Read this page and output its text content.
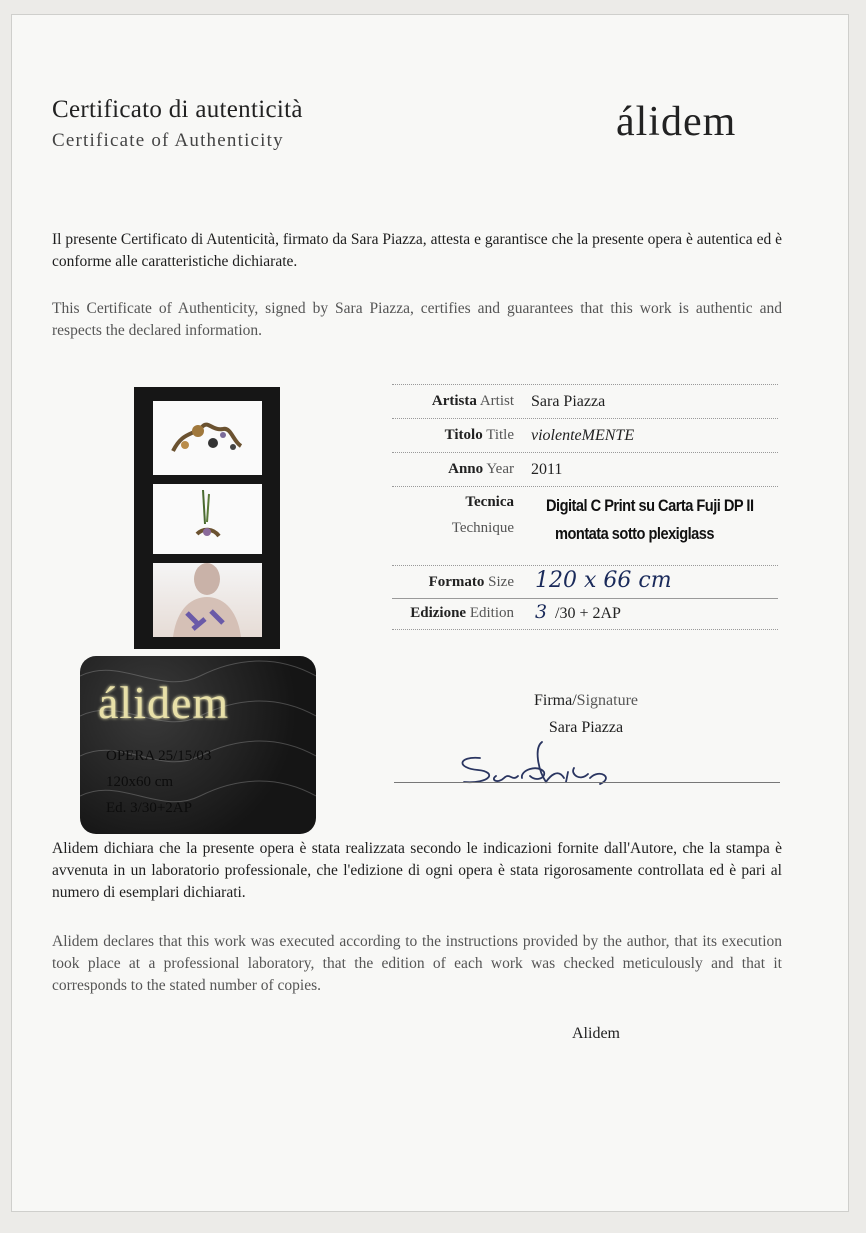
Certificato di autenticità
Certificate of Authenticity	álidem
Il presente Certificato di Autenticità, firmato da Sara Piazza, attesta e garantisce che la presente opera è autentica ed è conforme alle caratteristiche dichiarate.
This Certificate of Authenticity, signed by Sara Piazza, certifies and guarantees that this work is authentic and respects the declared information.
álidem
OPERA 25/15/03
120x60 cm
Ed. 3/30+2AP
Artista Artist Sara Piazza
Titolo Title violenteMENTE
Anno Year 2011
Tecnica
Technique
Digital C Print su Carta Fuji DP II
montata sotto plexiglass
Formato Size 120 x 66 cm
Edizione Edition 3 /30 + 2AP
Firma/Signature
Sara Piazza
Alidem dichiara che la presente opera è stata realizzata secondo le indicazioni fornite dall'Autore, che la stampa è avvenuta in un laboratorio professionale, che l'edizione di ogni opera è stata rigorosamente controllata ed è pari al numero di esemplari dichiarati.
Alidem declares that this work was executed according to the instructions provided by the author, that its execution took place at a professional laboratory, that the edition of each work was checked meticulously and that it corresponds to the stated number of copies.
Alidem
